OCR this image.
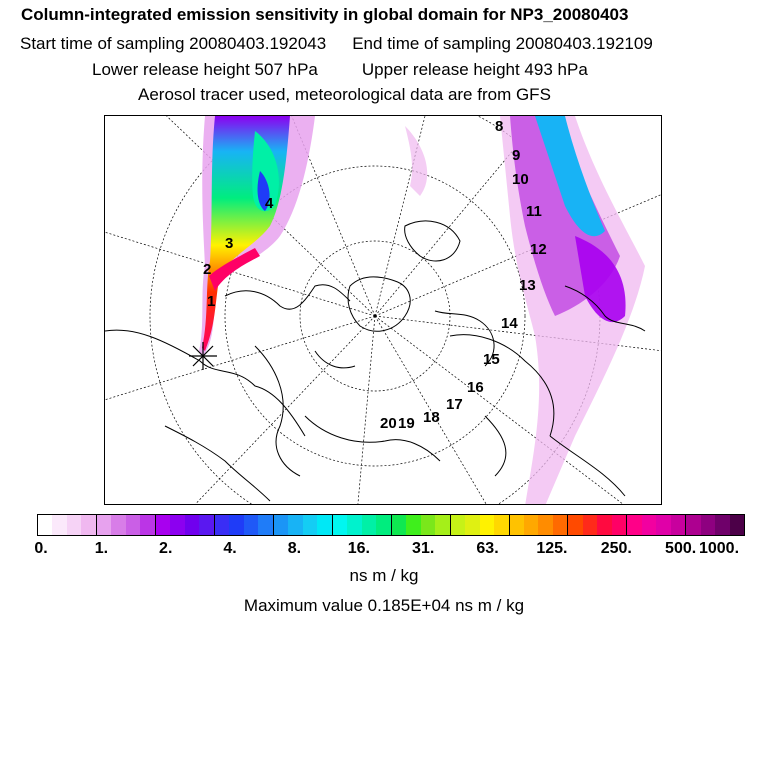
Column-integrated emission sensitivity in global domain for NP3_20080403
Start time of sampling 20080403.192043 End time of sampling 20080403.192109
Lower release height 507 hPa	Upper release height 493 hPa
Aerosol tracer used, meteorological data are from GFS
1
2
3
4
8
9
10
11
12
13
14
15
16
17
18
19
20
0.	1.	2.	4.	8.	16.	31.	63. 125. 250. 500. 1000.
ns m / kg
Maximum value 0.185E+04 ns m / kg
